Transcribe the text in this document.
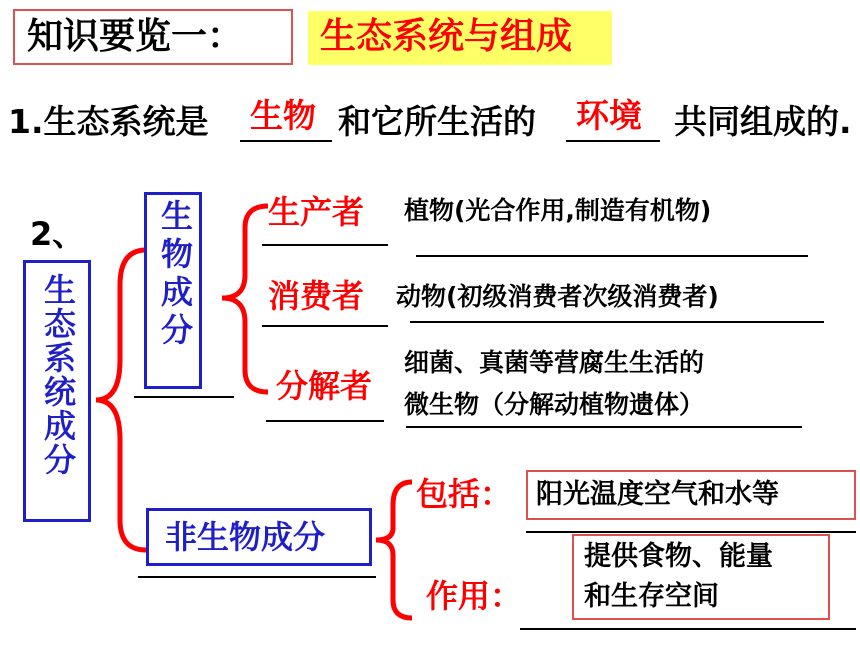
知识要览一： 生态系统与组成
1.生态系统是 生物 和它所生活的 环境 共同组成的.
2、
生态系统成分 生物成分
非生物成分
生产者 植物(光合作用,制造有机物)
消费者 动物(初级消费者次级消费者)
分解者
细菌、真菌等营腐生生活的
微生物（分解动植物遗体）
包括： 阳光温度空气和水等
作用：
提供食物、能量
和生存空间
